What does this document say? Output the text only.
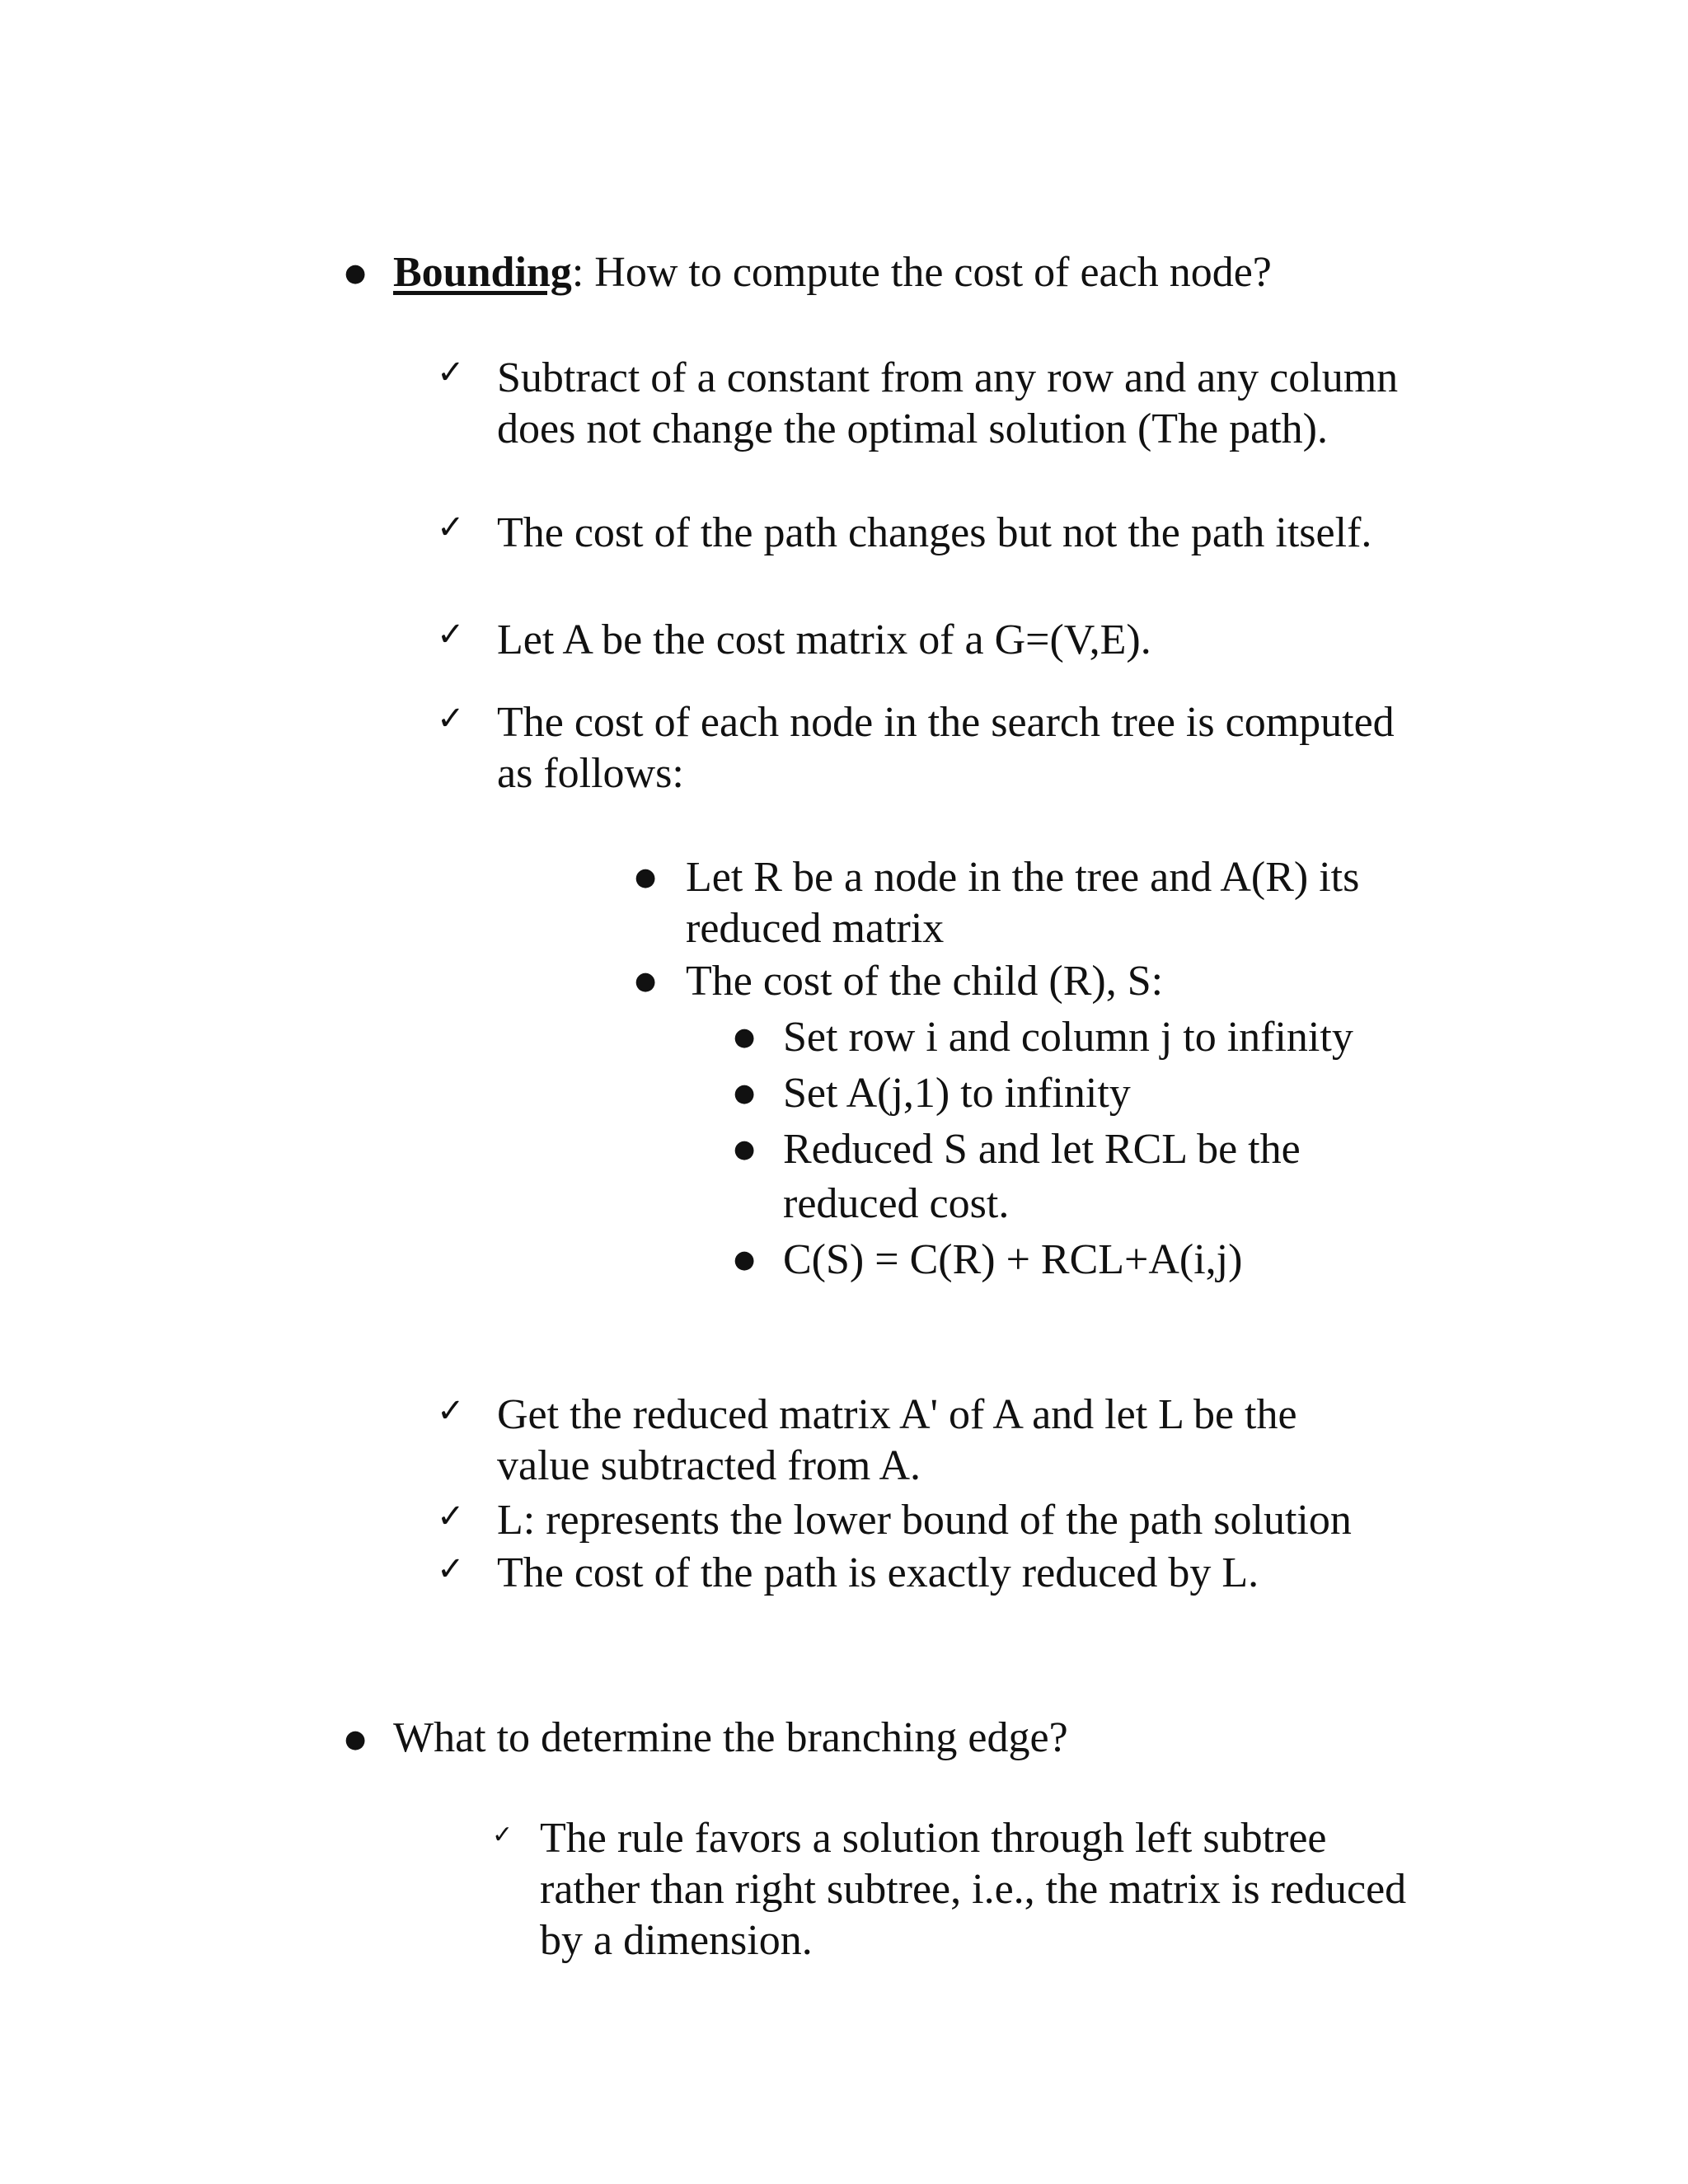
● Bounding: How to compute the cost of each node?

✓ Subtract of a constant from any row and any column

does not change the optimal solution (The path).

✓ The cost of the path changes but not the path itself.

✓ Let A be the cost matrix of a G=(V,E).

✓ The cost of each node in the search tree is computed

as follows:

● Let R be a node in the tree and A(R) its

reduced matrix

● The cost of the child (R), S:

● Set row i and column j to infinity

● Set A(j,1) to infinity

● Reduced S and let RCL be the

reduced cost.

● C(S) = C(R) + RCL+A(i,j)

✓ Get the reduced matrix A' of A and let L be the

value subtracted from A.

✓ L: represents the lower bound of the path solution

✓ The cost of the path is exactly reduced by L.

● What to determine the branching edge?

✓ The rule favors a solution through left subtree

rather than right subtree, i.e., the matrix is reduced

by a dimension.
